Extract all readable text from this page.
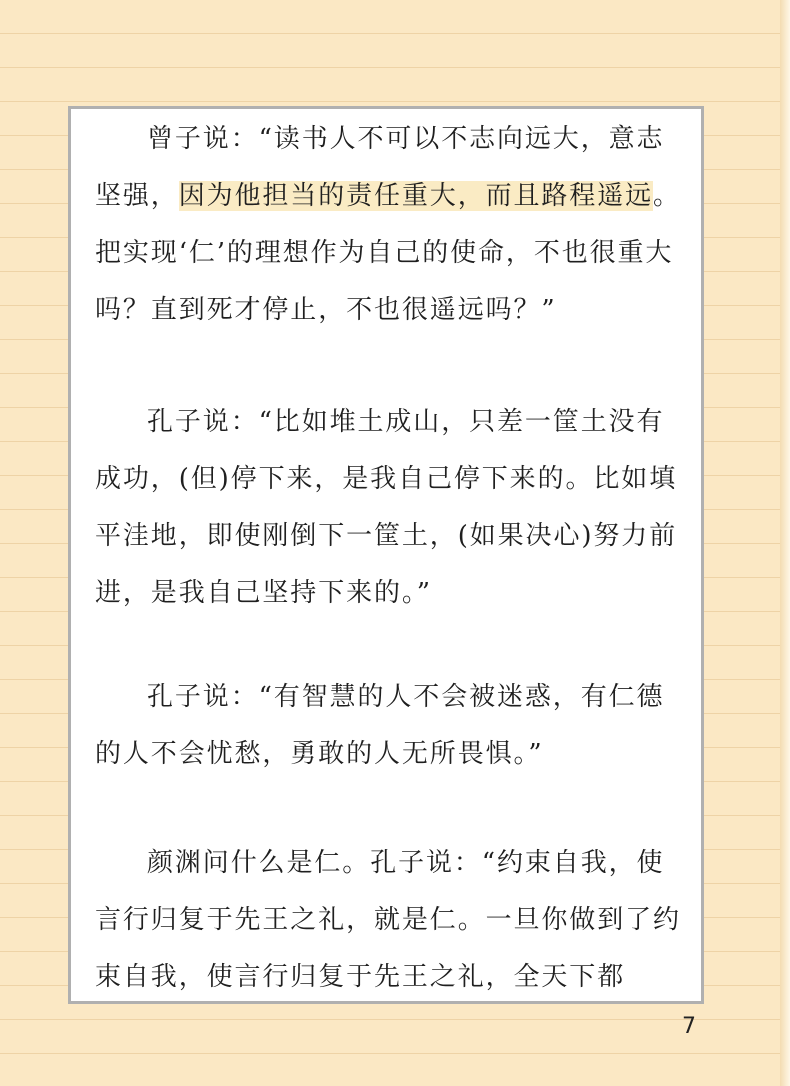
曾子说：“读书人不可以不志向远大，意志坚强，因为他担当的责任重大，而且路程遥远。把实现‘仁’的理想作为自己的使命，不也很重大吗？直到死才停止，不也很遥远吗？”

孔子说：“比如堆土成山，只差一筐土没有成功，(但)停下来，是我自己停下来的。比如填平洼地，即使刚倒下一筐土，(如果决心)努力前进，是我自己坚持下来的。”

孔子说：“有智慧的人不会被迷惑，有仁德的人不会忧愁，勇敢的人无所畏惧。”

颜渊问什么是仁。孔子说：“约束自我，使言行归复于先王之礼，就是仁。一旦你做到了约束自我，使言行归复于先王之礼，全天下都

7
